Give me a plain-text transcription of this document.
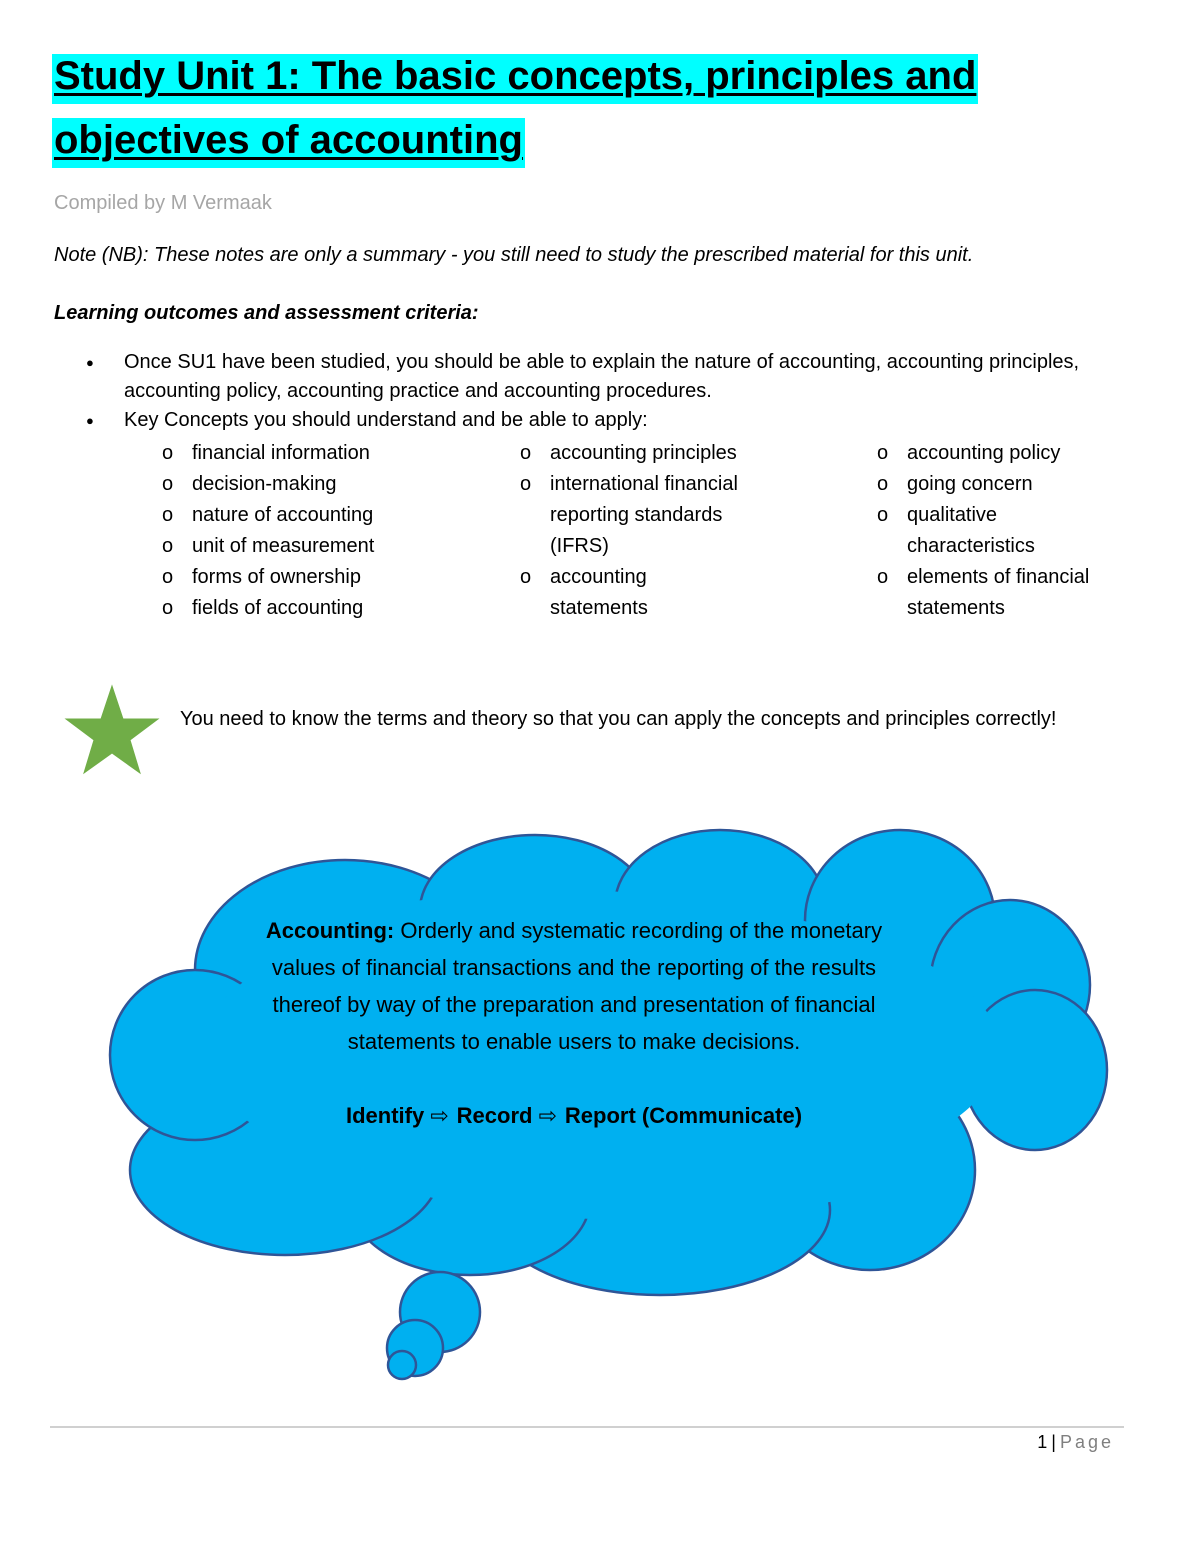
Study Unit 1: The basic concepts, principles and
objectives of accounting
Compiled by M Vermaak
Note (NB): These notes are only a summary - you still need to study the prescribed material for this unit.
Learning outcomes and assessment criteria:

● Once SU1 have been studied, you should be able to explain the nature of accounting, accounting principles, accounting policy, accounting practice and accounting procedures.

● Key Concepts you should understand and be able to apply:

o financial information
o decision-making
o nature of accounting
o unit of measurement
o forms of ownership
o fields of accounting
o accounting principles
o international financial reporting standards (IFRS)
o accounting statements
o accounting policy
o going concern
o qualitative characteristics
o elements of financial statements
You need to know the terms and theory so that you can apply the concepts and principles correctly!
Accounting: Orderly and systematic recording of the monetary values of financial transactions and the reporting of the results thereof by way of the preparation and presentation of financial statements to enable users to make decisions.
Identify ⇨ Record ⇨ Report (Communicate)
1 | Page
